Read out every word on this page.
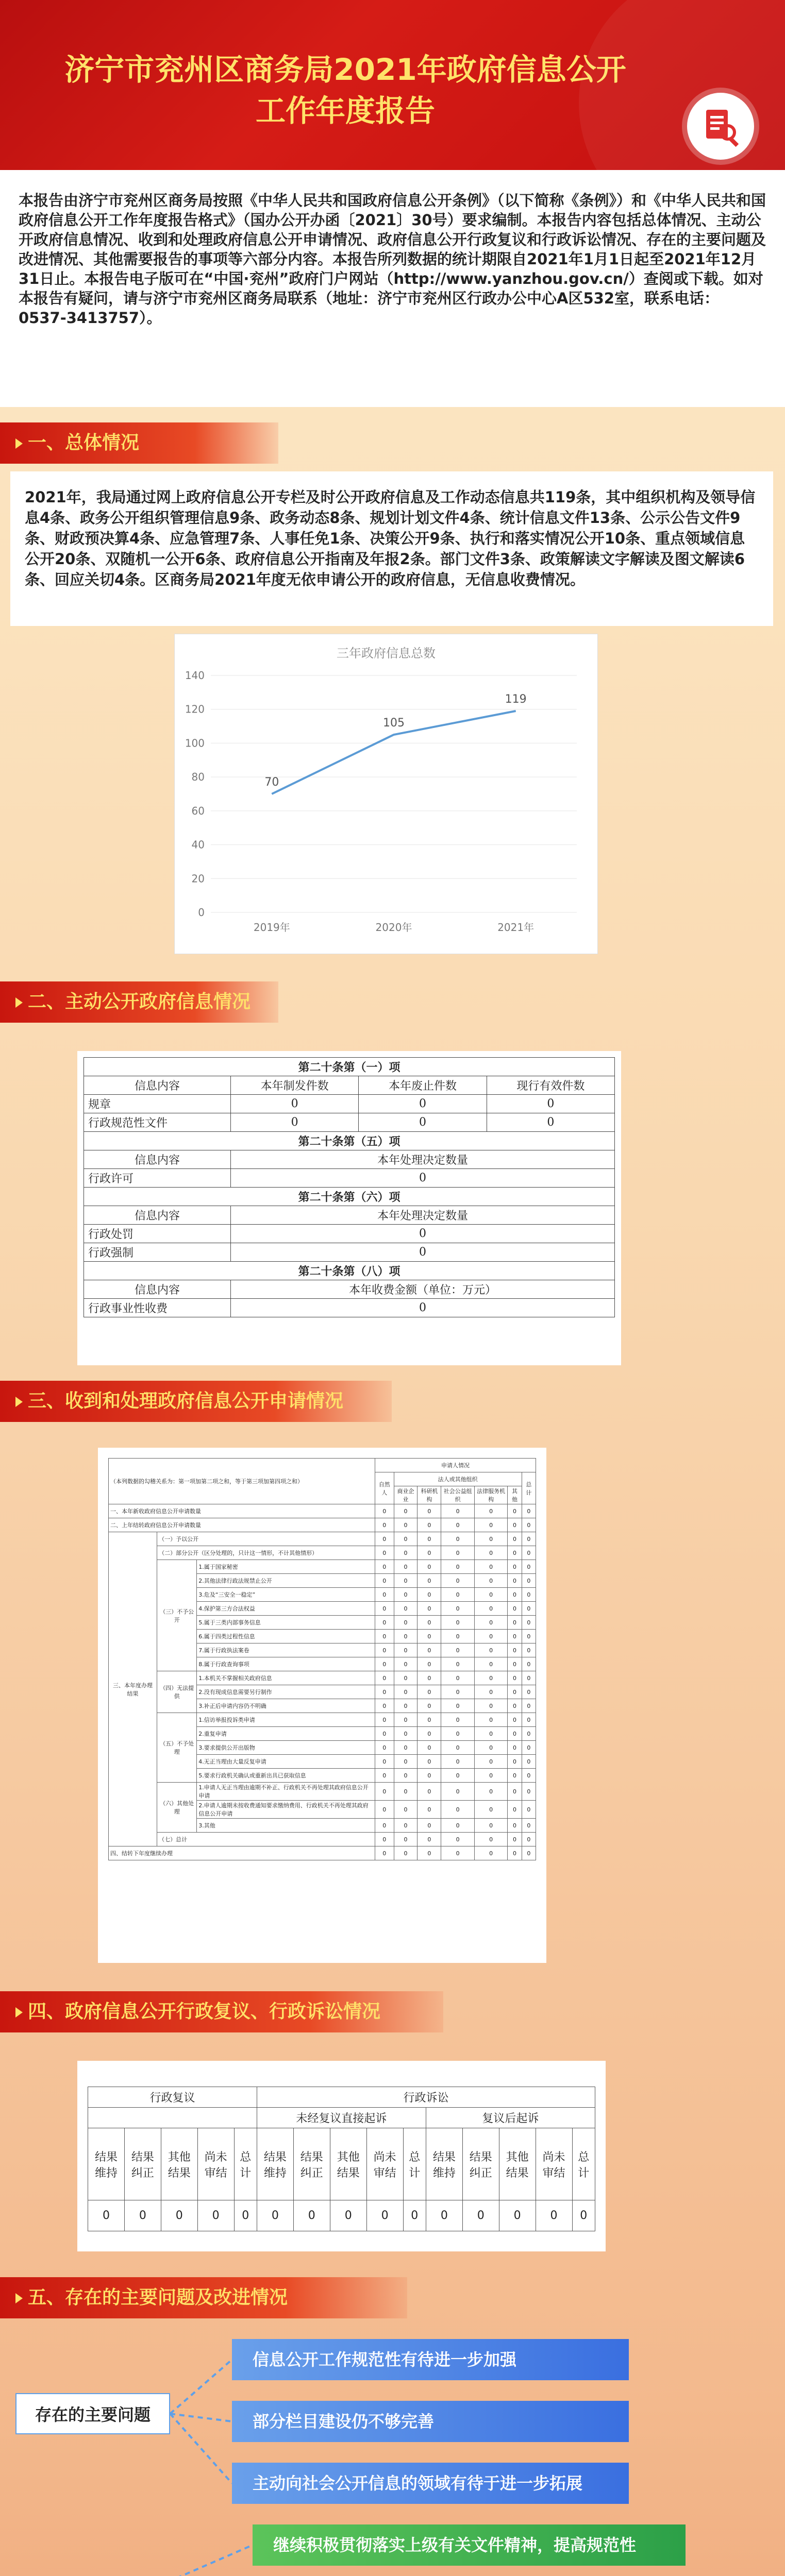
济宁市兖州区商务局2021年政府信息公开工作年度报告

本报告由济宁市兖州区商务局按照《中华人民共和国政府信息公开条例》（以下简称《条例》）和《中华人民共和国政府信息公开工作年度报告格式》（国办公开办函〔2021〕30号）要求编制。本报告内容包括总体情况、主动公开政府信息情况、收到和处理政府信息公开申请情况、政府信息公开行政复议和行政诉讼情况、存在的主要问题及改进情况、其他需要报告的事项等六部分内容。本报告所列数据的统计期限自2021年1月1日起至2021年12月31日止。本报告电子版可在“中国·兖州”政府门户网站（http://www.yanzhou.gov.cn/）查阅或下载。如对本报告有疑问，请与济宁市兖州区商务局联系（地址：济宁市兖州区行政办公中心A区532室，联系电话：0537-3413757）。

一、总体情况
2021年，我局通过网上政府信息公开专栏及时公开政府信息及工作动态信息共119条，其中组织机构及领导信息4条、政务公开组织管理信息9条、政务动态8条、规划计划文件4条、统计信息文件13条、公示公告文件9条、财政预决算4条、应急管理7条、人事任免1条、决策公开9条、执行和落实情况公开10条、重点领域信息公开20条、双随机一公开6条、政府信息公开指南及年报2条。部门文件3条、政策解读文字解读及图文解读6条、回应关切4条。区商务局2021年度无依申请公开的政府信息，无信息收费情况。
三年政府信息总数
0
20
40
60
80
100
120
140
70
2019年
105
2020年
119
2021年
二、主动公开政府信息情况
第二十条第（一）项			
信息内容	本年制发件数	本年废止件数	现行有效件数
规章	0	0	0
行政规范性文件	0	0	0
第二十条第（五）项			
信息内容	本年处理决定数量		
行政许可	0		
第二十条第（六）项			
信息内容	本年处理决定数量		
行政处罚	0		
行政强制	0		
第二十条第（八）项			
信息内容	本年收费金额（单位：万元）		
行政事业性收费	0		
三、收到和处理政府信息公开申请情况
（本列数据的勾稽关系为：第一项加第二项之和，等于第三项加第四项之和）			申请人情况						
			自然人	法人或其他组织					总计
				商业企业	科研机构	社会公益组织	法律服务机构	其他	
一、本年新收政府信息公开申请数量			0	0	0	0	0	0	0
二、上年结转政府信息公开申请数量			0	0	0	0	0	0	0
三、本年度办理结果	（一）予以公开		0	0	0	0	0	0	0
	（二）部分公开（区分处理的，只计这一情形，不计其他情形）		0	0	0	0	0	0	0
	（三）不予公开	1.属于国家秘密	0	0	0	0	0	0	0
		2.其他法律行政法规禁止公开	0	0	0	0	0	0	0
		3.危及“三安全一稳定”	0	0	0	0	0	0	0
		4.保护第三方合法权益	0	0	0	0	0	0	0
		5.属于三类内部事务信息	0	0	0	0	0	0	0
		6.属于四类过程性信息	0	0	0	0	0	0	0
		7.属于行政执法案卷	0	0	0	0	0	0	0
		8.属于行政查询事项	0	0	0	0	0	0	0
	（四）无法提供	1.本机关不掌握相关政府信息	0	0	0	0	0	0	0
		2.没有现成信息需要另行制作	0	0	0	0	0	0	0
		3.补正后申请内容仍不明确	0	0	0	0	0	0	0
	（五）不予处理	1.信访举报投诉类申请	0	0	0	0	0	0	0
		2.重复申请	0	0	0	0	0	0	0
		3.要求提供公开出版物	0	0	0	0	0	0	0
		4.无正当理由大量反复申请	0	0	0	0	0	0	0
		5.要求行政机关确认或重新出具已获取信息	0	0	0	0	0	0	0
	（六）其他处理	1.申请人无正当理由逾期不补正、行政机关不再处理其政府信息公开申请	0	0	0	0	0	0	0
		2.申请人逾期未按收费通知要求缴纳费用、行政机关不再处理其政府信息公开申请	0	0	0	0	0	0	0
		3.其他	0	0	0	0	0	0	0
	（七）总计		0	0	0	0	0	0	0
四、结转下年度继续办理			0	0	0	0	0	0	0
四、政府信息公开行政复议、行政诉讼情况
行政复议					行政诉讼									
					未经复议直接起诉					复议后起诉				
结果维持	结果纠正	其他结果	尚未审结	总计	结果维持	结果纠正	其他结果	尚未审结	总计	结果维持	结果纠正	其他结果	尚未审结	总计
0	0	0	0	0	0	0	0	0	0	0	0	0	0	0
五、存在的主要问题及改进情况
存在的主要问题
信息公开工作规范性有待进一步加强
部分栏目建设仍不够完善
主动向社会公开信息的领域有待于进一步拓展
继续积极贯彻落实上级有关文件精神，提高规范性
